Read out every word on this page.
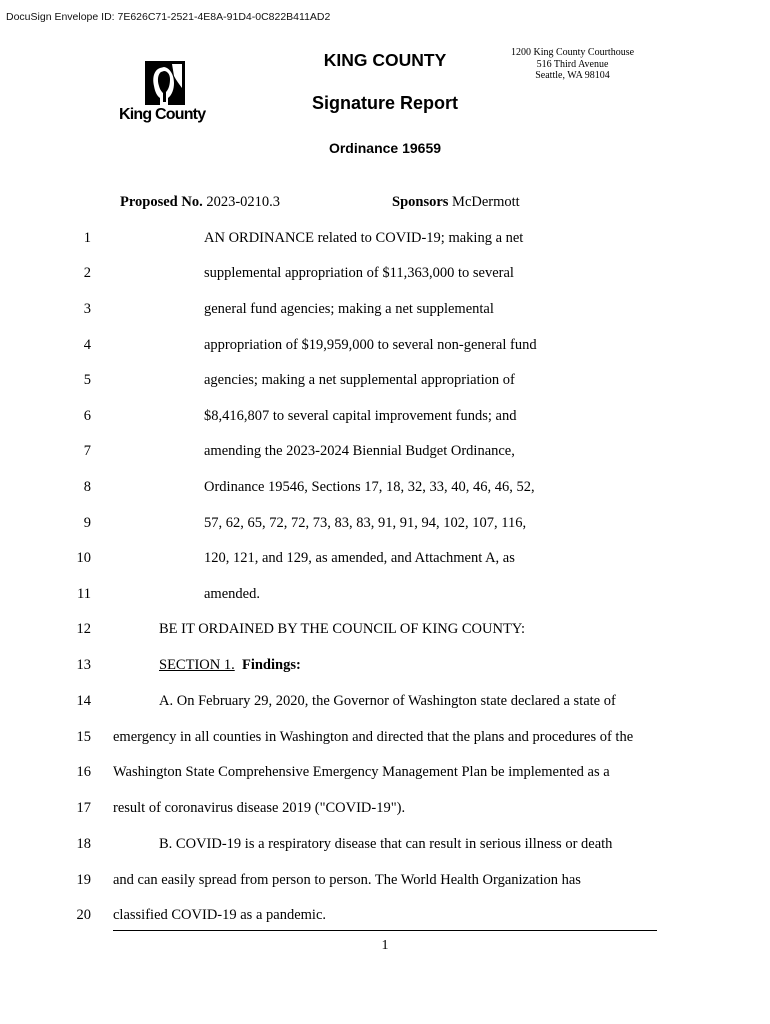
DocuSign Envelope ID: 7E626C71-2521-4E8A-91D4-0C822B411AD2
King County
KING COUNTY
Signature Report
Ordinance 19659
1200 King County Courthouse
516 Third Avenue
Seattle, WA 98104
Proposed No. 2023-0210.3	Sponsors McDermott
1	AN ORDINANCE related to COVID-19; making a net
2	supplemental appropriation of $11,363,000 to several
3	general fund agencies; making a net supplemental
4	appropriation of $19,959,000 to several non-general fund
5	agencies; making a net supplemental appropriation of
6	$8,416,807 to several capital improvement funds; and
7	amending the 2023-2024 Biennial Budget Ordinance,
8	Ordinance 19546, Sections 17, 18, 32, 33, 40, 46, 46, 52,
9	57, 62, 65, 72, 72, 73, 83, 83, 91, 91, 94, 102, 107, 116,
10	120, 121, and 129, as amended, and Attachment A, as
11	amended.
12	BE IT ORDAINED BY THE COUNCIL OF KING COUNTY:
13	SECTION 1. Findings:
14	A. On February 29, 2020, the Governor of Washington state declared a state of
15 emergency in all counties in Washington and directed that the plans and procedures of the
16 Washington State Comprehensive Emergency Management Plan be implemented as a
17 result of coronavirus disease 2019 ("COVID-19").
18	B. COVID-19 is a respiratory disease that can result in serious illness or death
19 and can easily spread from person to person. The World Health Organization has
20 classified COVID-19 as a pandemic.
1
